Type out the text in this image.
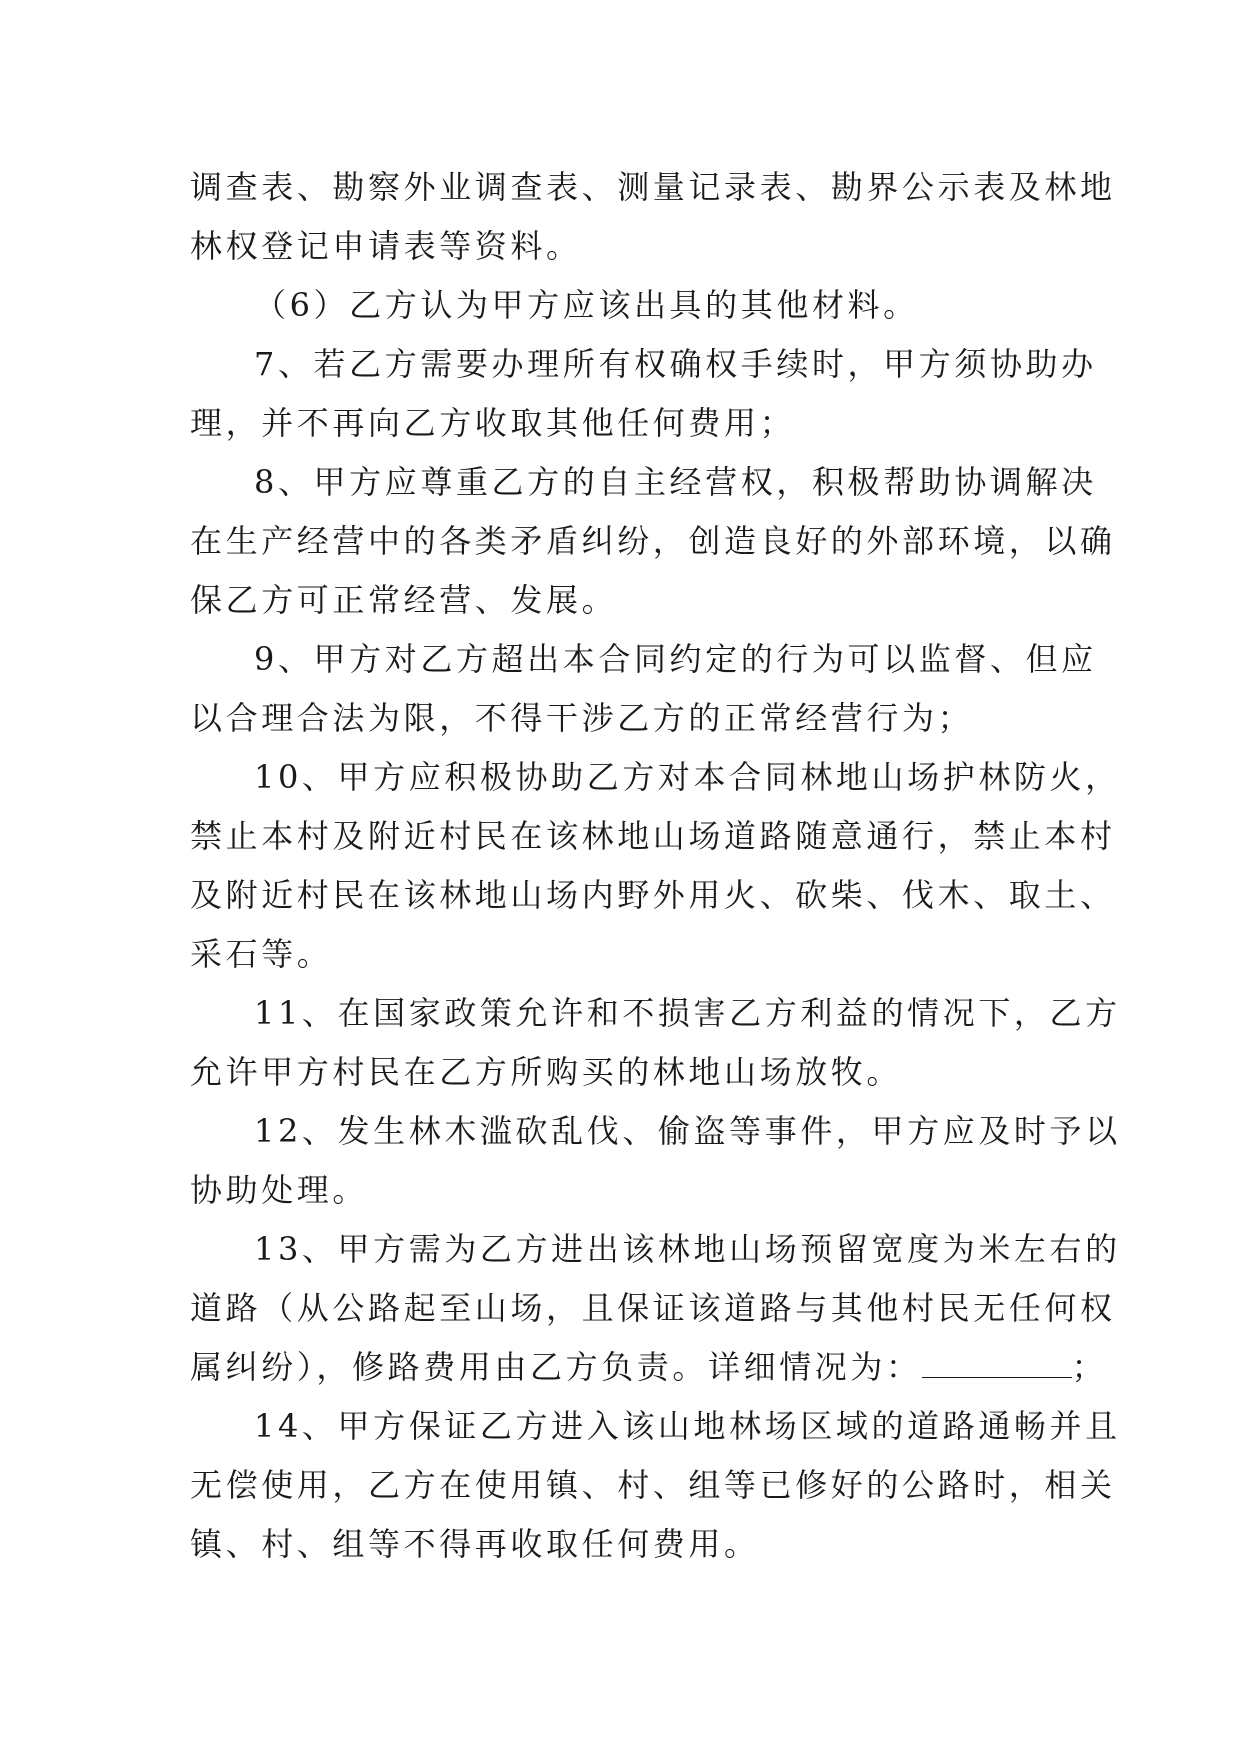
调查表、勘察外业调查表、测量记录表、勘界公示表及林地
林权登记申请表等资料。
（6）乙方认为甲方应该出具的其他材料。
7、若乙方需要办理所有权确权手续时，甲方须协助办
理，并不再向乙方收取其他任何费用；
8、甲方应尊重乙方的自主经营权，积极帮助协调解决
在生产经营中的各类矛盾纠纷，创造良好的外部环境，以确
保乙方可正常经营、发展。
9、甲方对乙方超出本合同约定的行为可以监督、但应
以合理合法为限，不得干涉乙方的正常经营行为；
10、甲方应积极协助乙方对本合同林地山场护林防火，
禁止本村及附近村民在该林地山场道路随意通行，禁止本村
及附近村民在该林地山场内野外用火、砍柴、伐木、取土、
采石等。
11、在国家政策允许和不损害乙方利益的情况下，乙方
允许甲方村民在乙方所购买的林地山场放牧。
12、发生林木滥砍乱伐、偷盗等事件，甲方应及时予以
协助处理。
13、甲方需为乙方进出该林地山场预留宽度为米左右的
道路（从公路起至山场，且保证该道路与其他村民无任何权
属纠纷），修路费用由乙方负责。详细情况为：	；
14、甲方保证乙方进入该山地林场区域的道路通畅并且
无偿使用，乙方在使用镇、村、组等已修好的公路时，相关
镇、村、组等不得再收取任何费用。
